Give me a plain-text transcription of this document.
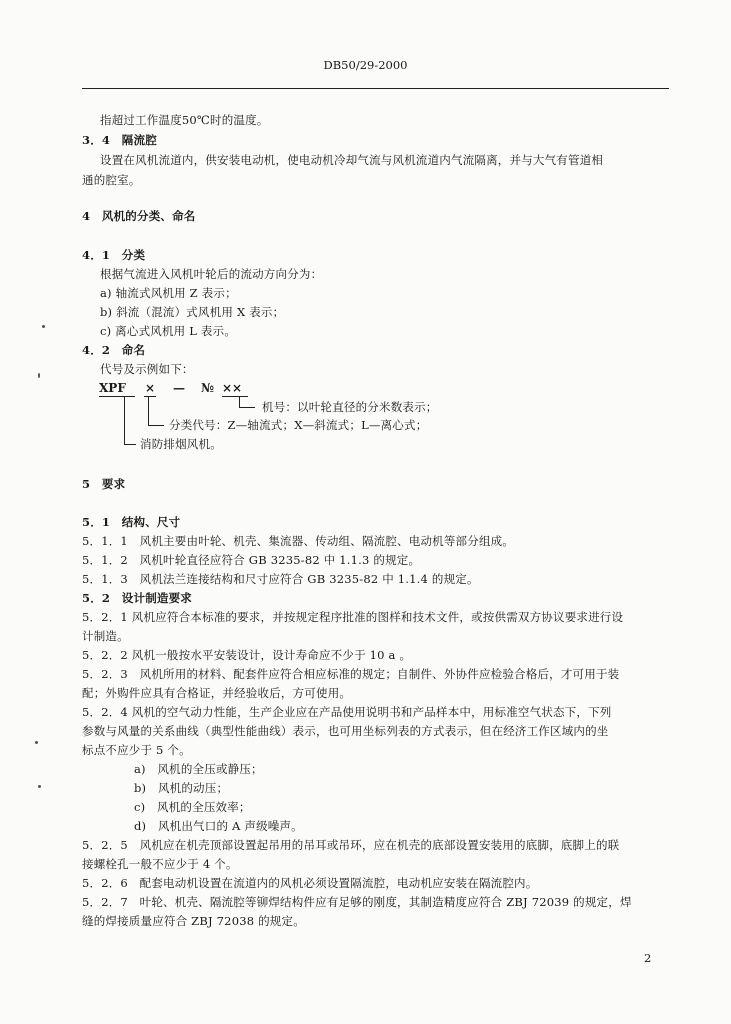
DB50/29-2000
指超过工作温度50℃时的温度。
3．4　隔流腔
设置在风机流道内，供安装电动机，使电动机冷却气流与风机流道内气流隔离，并与大气有管道相
通的腔室。
4　风机的分类、命名
4．1　分类
根据气流进入风机叶轮后的流动方向分为：
a) 轴流式风机用 Z 表示；
b) 斜流（混流）式风机用 X 表示；
c) 离心式风机用 L 表示。
4．2　命名
代号及示例如下：
XPF × — № ××
机号：以叶轮直径的分米数表示；
分类代号：Z—轴流式；X—斜流式；L—离心式；
消防排烟风机。
5　要求
5．1　结构、尺寸
5．1．1　风机主要由叶轮、机壳、集流器、传动组、隔流腔、电动机等部分组成。
5．1．2　风机叶轮直径应符合 GB 3235-82 中 1.1.3 的规定。
5．1．3　风机法兰连接结构和尺寸应符合 GB 3235-82 中 1.1.4 的规定。
5．2　设计制造要求
5．2．1 风机应符合本标准的要求，并按规定程序批准的图样和技术文件，或按供需双方协议要求进行设
计制造。
5．2．2 风机一般按水平安装设计，设计寿命应不少于 10 a 。
5．2．3　风机所用的材料、配套件应符合相应标准的规定；自制件、外协件应检验合格后，才可用于装
配；外购件应具有合格证，并经验收后，方可使用。
5．2．4 风机的空气动力性能，生产企业应在产品使用说明书和产品样本中，用标准空气状态下，下列
参数与风量的关系曲线（典型性能曲线）表示，也可用坐标列表的方式表示，但在经济工作区域内的坐
标点不应少于 5 个。
a)　风机的全压或静压；
b)　风机的动压；
c)　风机的全压效率；
d)　风机出气口的 A 声级噪声。
5．2．5　风机应在机壳顶部设置起吊用的吊耳或吊环，应在机壳的底部设置安装用的底脚，底脚上的联
接螺栓孔一般不应少于 4 个。
5．2．6　配套电动机设置在流道内的风机必须设置隔流腔，电动机应安装在隔流腔内。
5．2．7　叶轮、机壳、隔流腔等铆焊结构件应有足够的刚度，其制造精度应符合 ZBJ 72039 的规定，焊
缝的焊接质量应符合 ZBJ 72038 的规定。
2
